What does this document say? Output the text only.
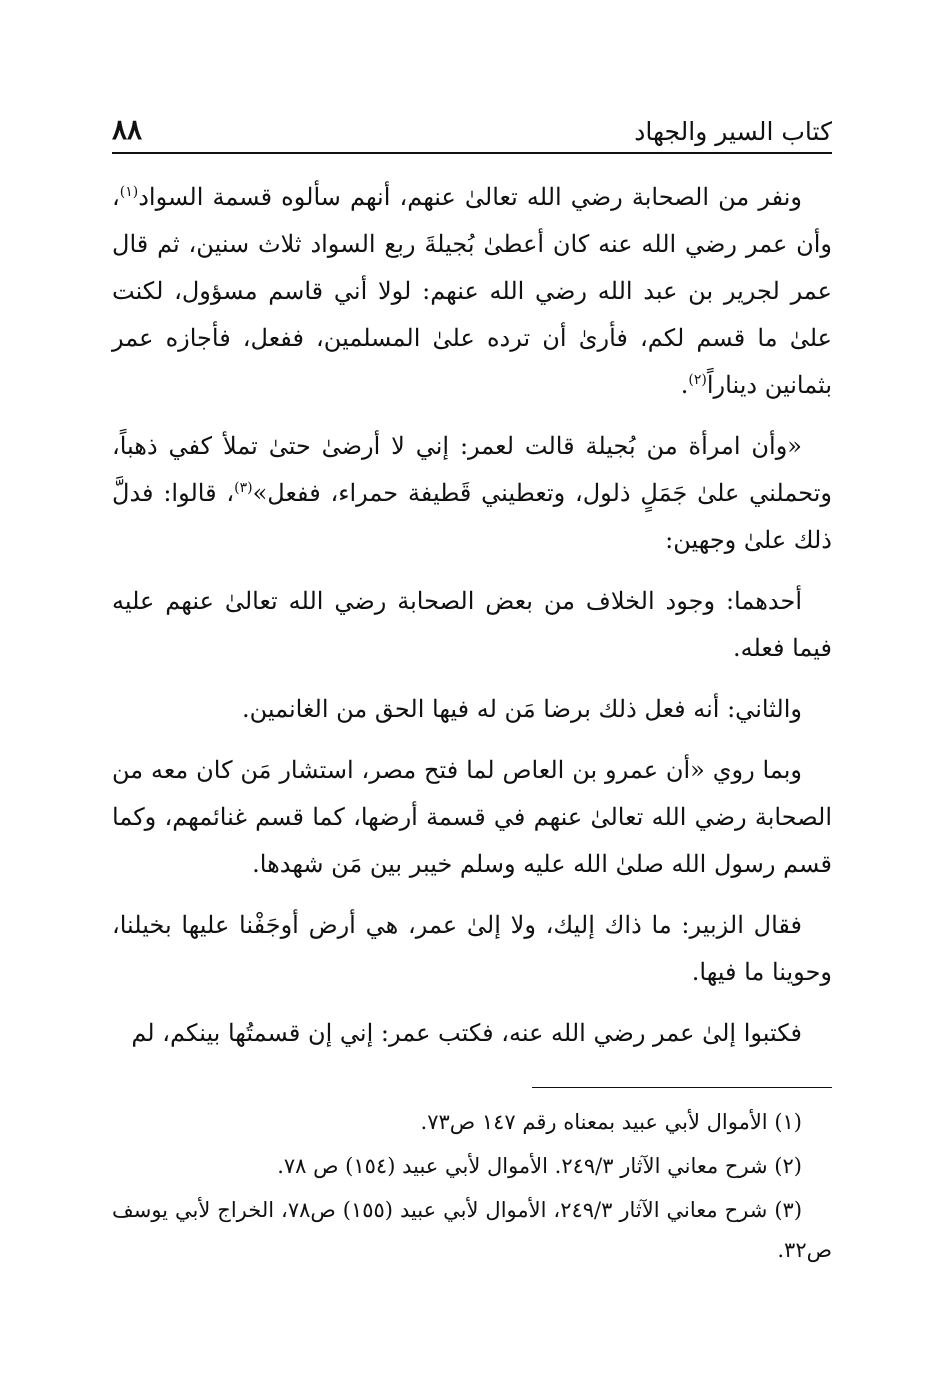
كتاب السير والجهاد
٨٨

ونفر من الصحابة رضي الله تعالىٰ عنهم، أنهم سألوه قسمة السواد$^{(١)}$، وأن عمر رضي الله عنه كان أعطىٰ بُجيلةَ ربع السواد ثلاث سنين، ثم قال عمر لجرير بن عبد الله رضي الله عنهم: لولا أني قاسم مسؤول، لكنت علىٰ ما قسم لكم، فأرىٰ أن ترده علىٰ المسلمين، ففعل، فأجازه عمر بثمانين ديناراً$^{(٢)}$.

«وأن امرأة من بُجيلة قالت لعمر: إني لا أرضىٰ حتىٰ تملأ كفي ذهباً، وتحملني علىٰ جَمَلٍ ذلول، وتعطيني قَطيفة حمراء، ففعل»$^{(٣)}$، قالوا: فدلَّ ذلك علىٰ وجهين:

أحدهما: وجود الخلاف من بعض الصحابة رضي الله تعالىٰ عنهم عليه فيما فعله.

والثاني: أنه فعل ذلك برضا مَن له فيها الحق من الغانمين.

وبما روي «أن عمرو بن العاص لما فتح مصر، استشار مَن كان معه من الصحابة رضي الله تعالىٰ عنهم في قسمة أرضها، كما قسم غنائمهم، وكما قسم رسول الله صلىٰ الله عليه وسلم خيبر بين مَن شهدها.

فقال الزبير: ما ذاك إليك، ولا إلىٰ عمر، هي أرض أوجَفْنا عليها بخيلنا، وحوينا ما فيها.

فكتبوا إلىٰ عمر رضي الله عنه، فكتب عمر: إني إن قسمتُها بينكم، لم

(١) الأموال لأبي عبيد بمعناه رقم ١٤٧ ص٧٣.

(٢) شرح معاني الآثار ٢٤٩/٣. الأموال لأبي عبيد (١٥٤) ص ٧٨.

(٣) شرح معاني الآثار ٢٤٩/٣، الأموال لأبي عبيد (١٥٥) ص٧٨، الخراج لأبي يوسف ص٣٢.
